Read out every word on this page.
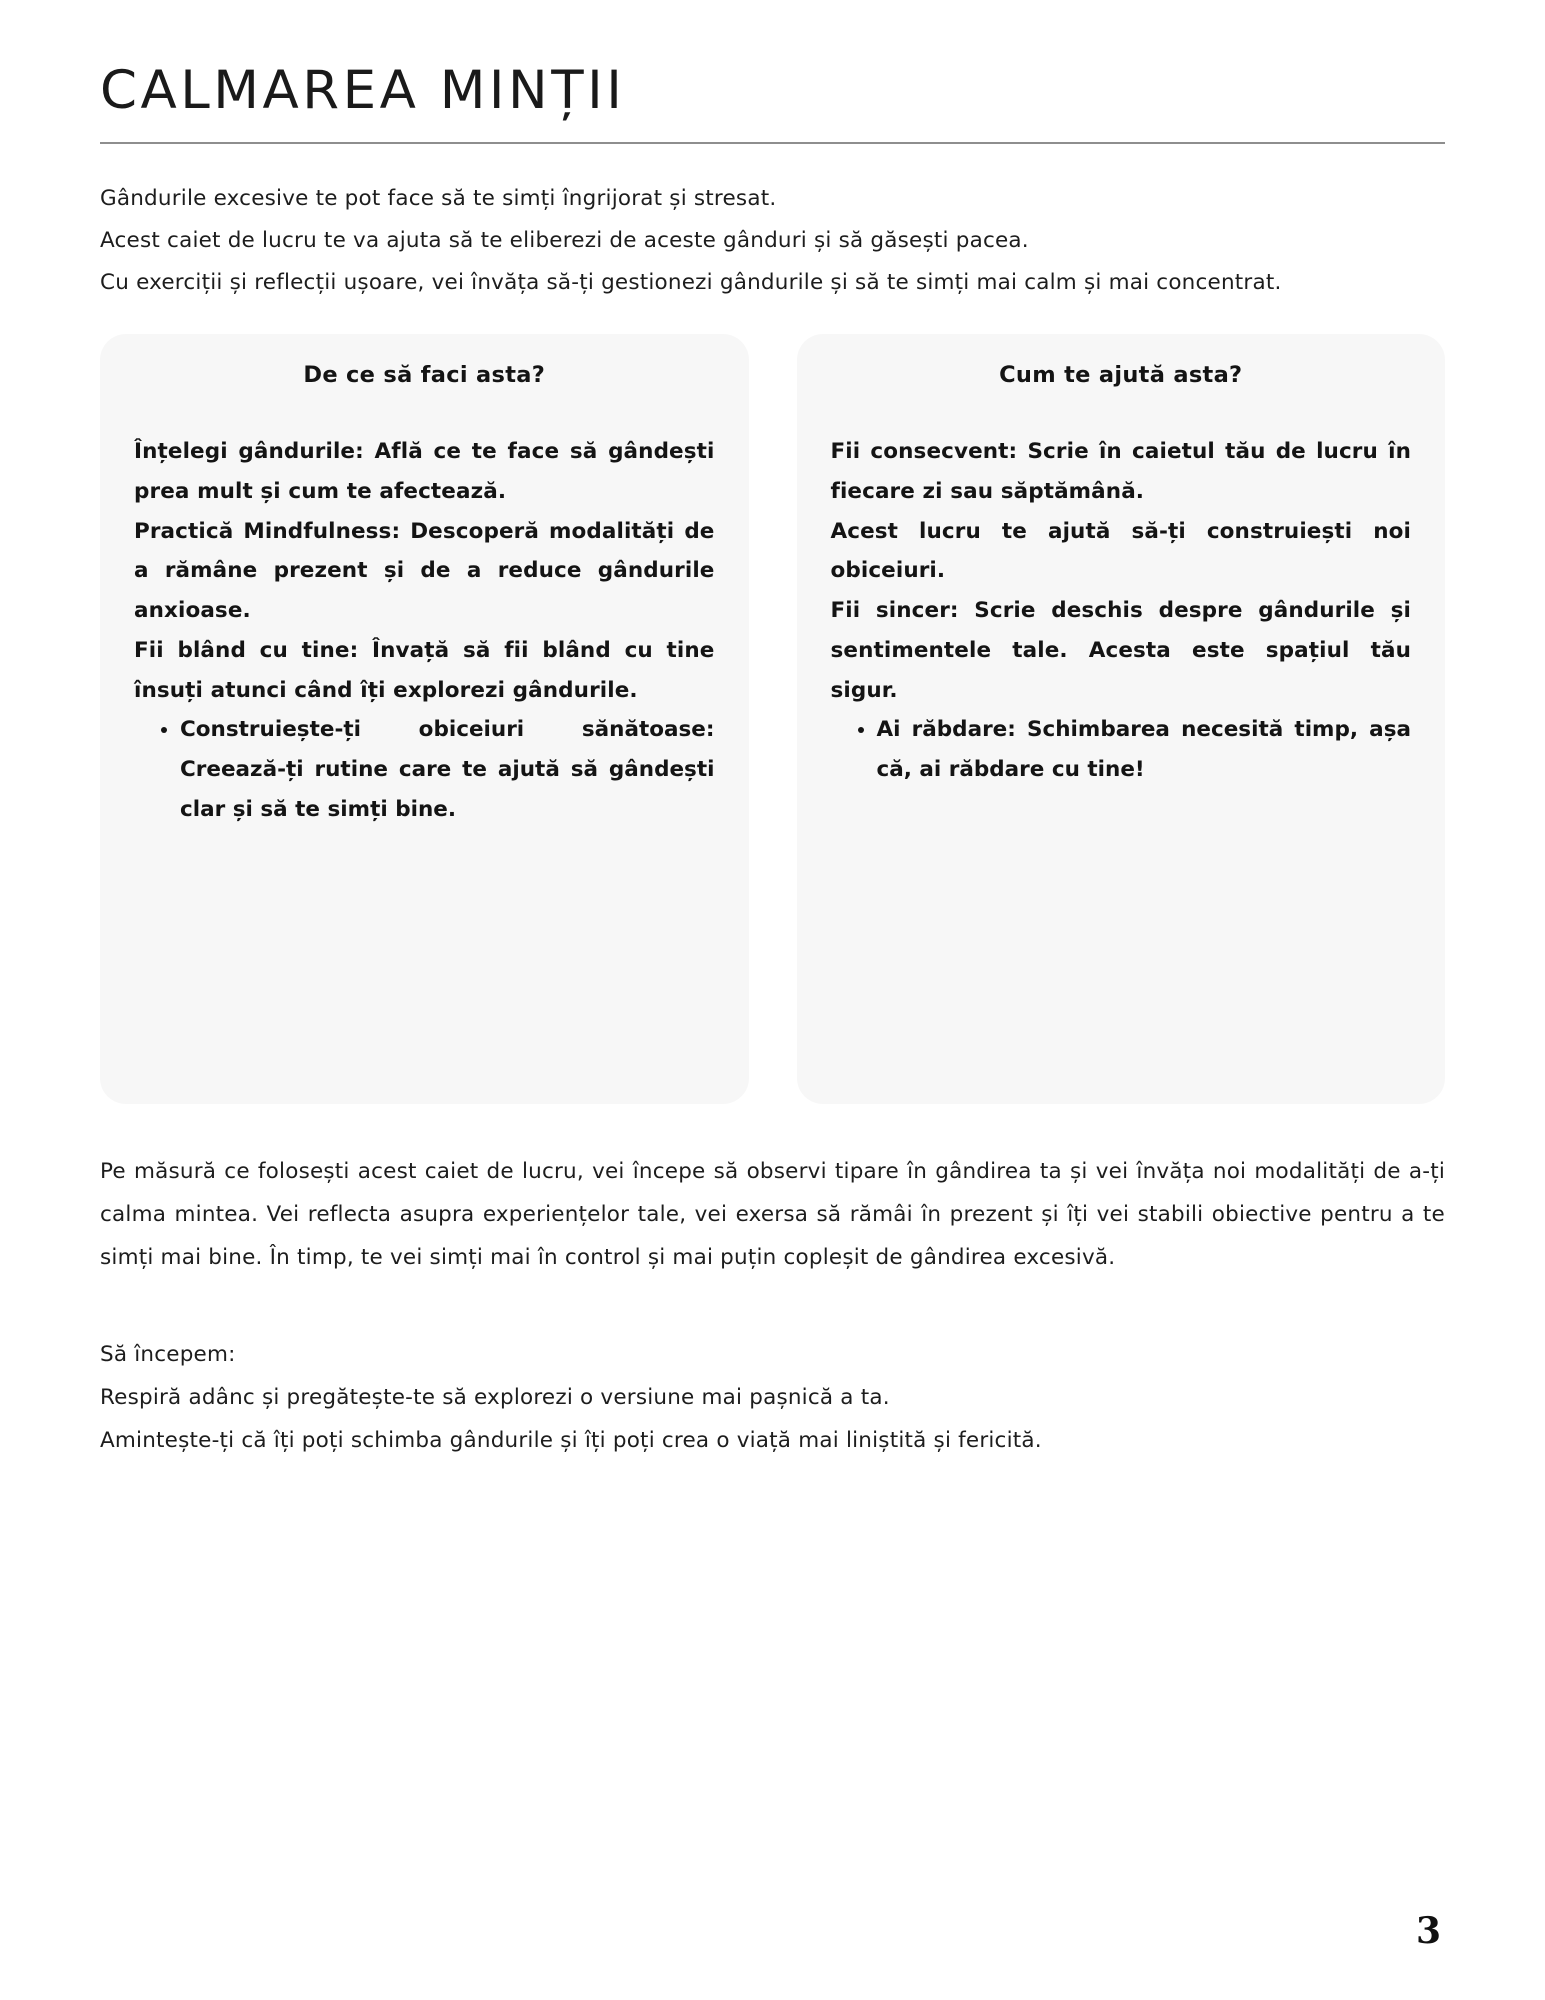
CALMAREA MINȚII

Gândurile excesive te pot face să te simți îngrijorat și stresat.

Acest caiet de lucru te va ajuta să te eliberezi de aceste gânduri și să găsești pacea.

Cu exerciții și reflecții ușoare, vei învăța să-ți gestionezi gândurile și să te simți mai calm și mai concentrat.

De ce să faci asta?

Înțelegi gândurile: Află ce te face să gândești prea mult și cum te afectează.

Practică Mindfulness: Descoperă modalități de a rămâne prezent și de a reduce gândurile anxioase.

Fii blând cu tine: Învață să fii blând cu tine însuți atunci când îți explorezi gândurile.

• Construiește-ți obiceiuri sănătoase: Creează-ți rutine care te ajută să gândești clar și să te simți bine.
Cum te ajută asta?

Fii consecvent: Scrie în caietul tău de lucru în fiecare zi sau săptămână.

Acest lucru te ajută să-ți construiești noi obiceiuri.

Fii sincer: Scrie deschis despre gândurile și sentimentele tale. Acesta este spațiul tău sigur.

• Ai răbdare: Schimbarea necesită timp, așa că, ai răbdare cu tine!

Pe măsură ce folosești acest caiet de lucru, vei începe să observi tipare în gândirea ta și vei învăța noi modalități de a-ți calma mintea. Vei reflecta asupra experiențelor tale, vei exersa să rămâi în prezent și îți vei stabili obiective pentru a te simți mai bine. În timp, te vei simți mai în control și mai puțin copleșit de gândirea excesivă.

Să începem:

Respiră adânc și pregătește-te să explorezi o versiune mai pașnică a ta.

Amintește-ți că îți poți schimba gândurile și îți poți crea o viață mai liniștită și fericită.

3
